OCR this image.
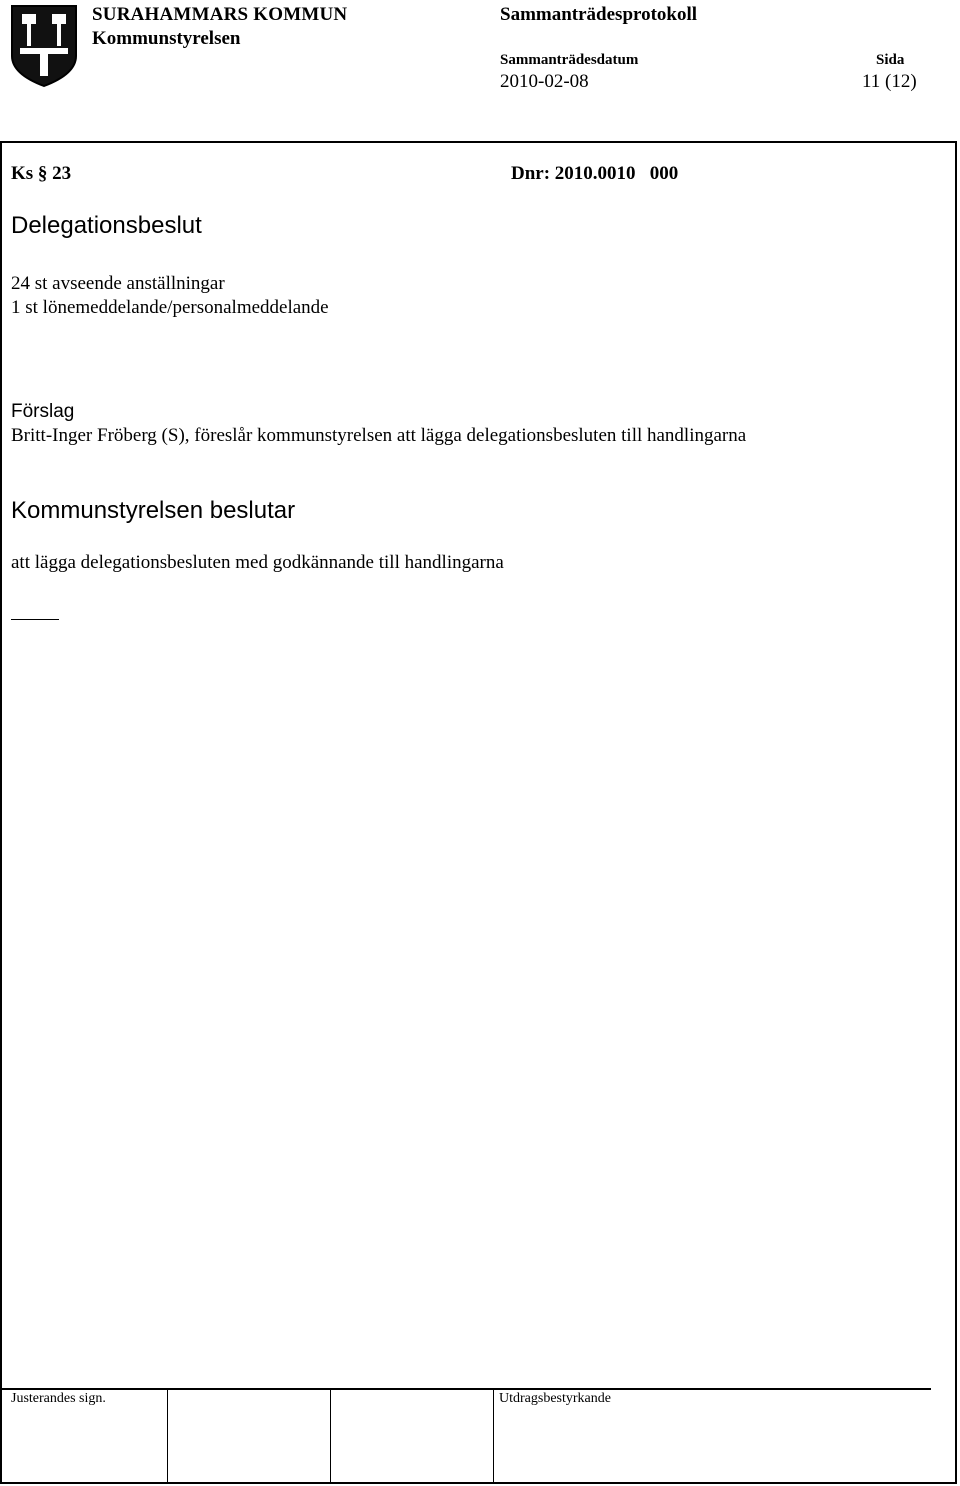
SURAHAMMARS KOMMUN
Kommunstyrelsen
Sammanträdesprotokoll
Sammanträdesdatum
2010-02-08
Sida
11 (12)
Ks § 23	Dnr: 2010.0010   000
Delegationsbeslut
24 st avseende anställningar
1 st lönemeddelande/personalmeddelande
Förslag
Britt-Inger Fröberg (S), föreslår kommunstyrelsen att lägga delegationsbesluten till handlingarna
Kommunstyrelsen beslutar
att lägga delegationsbesluten med godkännande till handlingarna
Justerandes sign.	Utdragsbestyrkande
